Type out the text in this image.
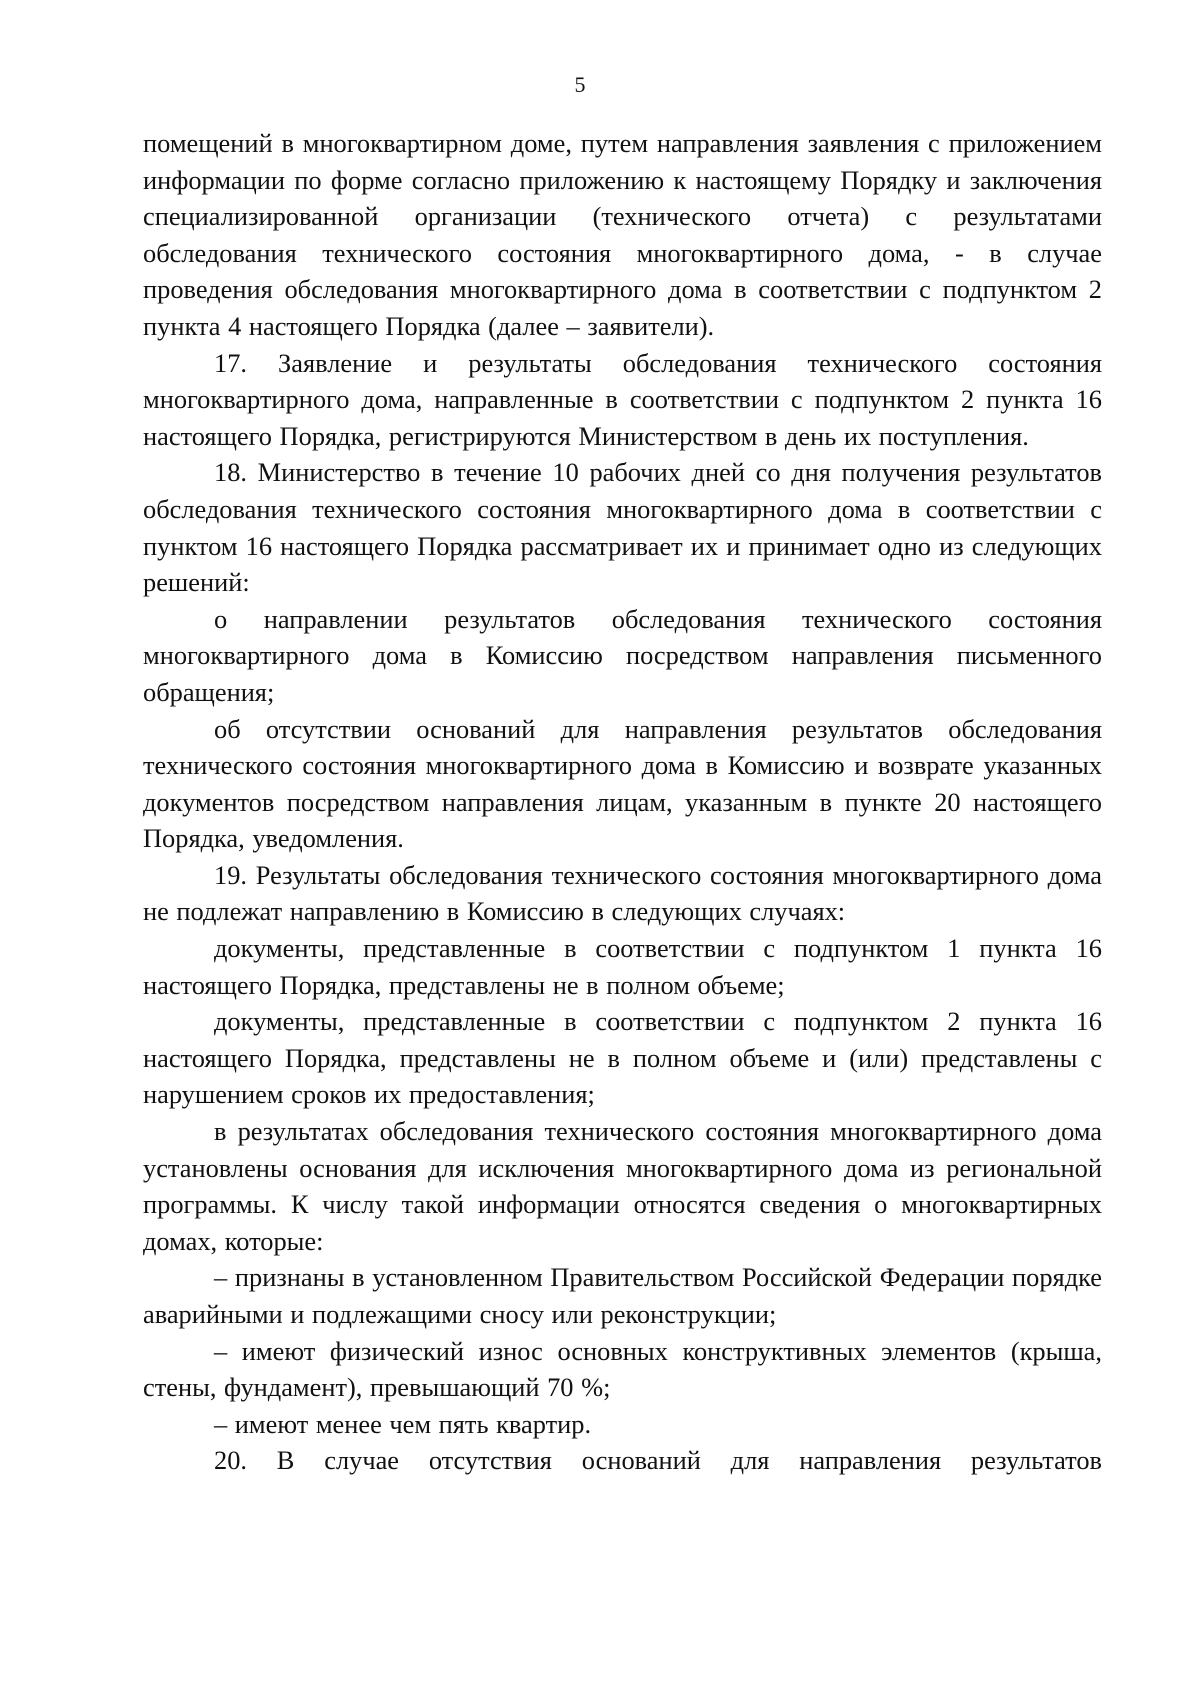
5

помещений в многоквартирном доме, путем направления заявления с приложением информации по форме согласно приложению к настоящему Порядку и заключения специализированной организации (технического отчета) с результатами обследования технического состояния многоквартирного дома, - в случае проведения обследования многоквартирного дома в соответствии с подпунктом 2 пункта 4 настоящего Порядка (далее – заявители).

17. Заявление и результаты обследования технического состояния многоквартирного дома, направленные в соответствии с подпунктом 2 пункта 16 настоящего Порядка, регистрируются Министерством в день их поступления.

18. Министерство в течение 10 рабочих дней со дня получения результатов обследования технического состояния многоквартирного дома в соответствии с пунктом 16 настоящего Порядка рассматривает их и принимает одно из следующих решений:

о направлении результатов обследования технического состояния многоквартирного дома в Комиссию посредством направления письменного обращения;

об отсутствии оснований для направления результатов обследования технического состояния многоквартирного дома в Комиссию и возврате указанных документов посредством направления лицам, указанным в пункте 20 настоящего Порядка, уведомления.

19. Результаты обследования технического состояния многоквартирного дома не подлежат направлению в Комиссию в следующих случаях:

документы, представленные в соответствии с подпунктом 1 пункта 16 настоящего Порядка, представлены не в полном объеме;

документы, представленные в соответствии с подпунктом 2 пункта 16 настоящего Порядка, представлены не в полном объеме и (или) представлены с нарушением сроков их предоставления;

в результатах обследования технического состояния многоквартирного дома установлены основания для исключения многоквартирного дома из региональной программы. К числу такой информации относятся сведения о многоквартирных домах, которые:

– признаны в установленном Правительством Российской Федерации порядке аварийными и подлежащими сносу или реконструкции;

– имеют физический износ основных конструктивных элементов (крыша, стены, фундамент), превышающий 70 %;

– имеют менее чем пять квартир.

20. В случае отсутствия оснований для направления результатов
